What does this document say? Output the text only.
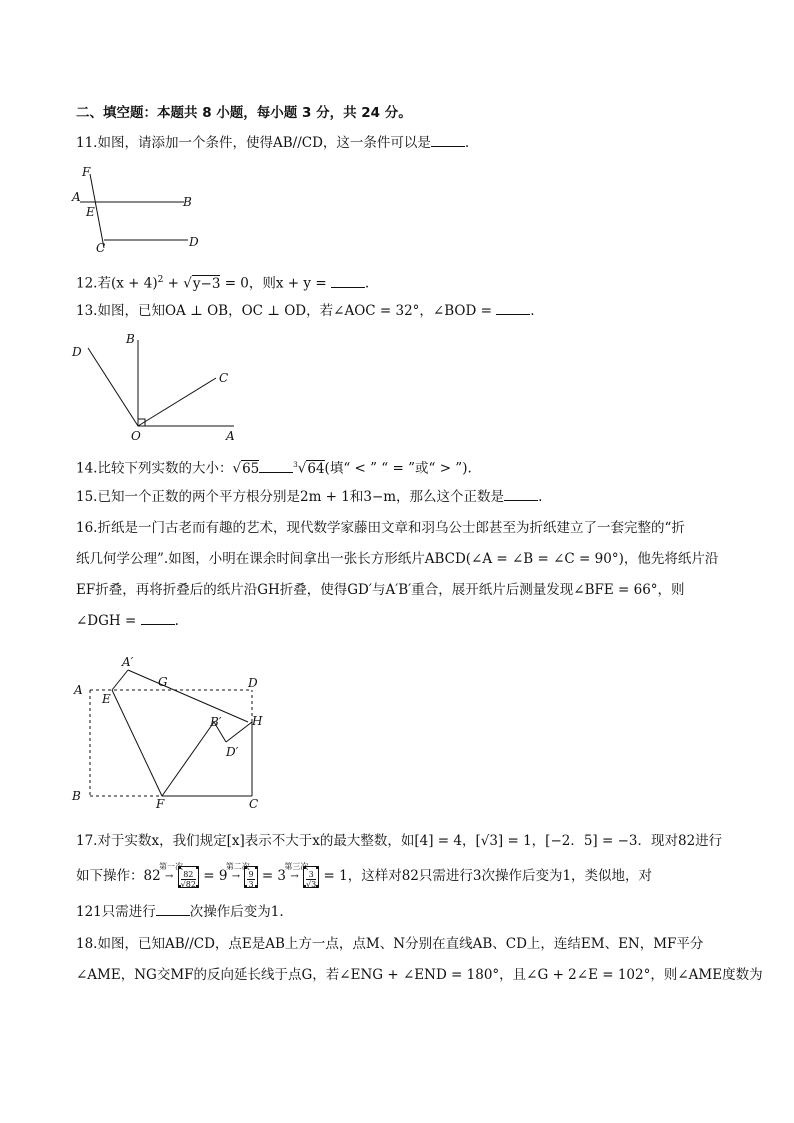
二、填空题：本题共 8 小题，每小题 3 分，共 24 分。
11.如图，请添加一个条件，使得AB//CD，这一条件可以是	.
F
A
E
B
C	D
12.若$(x + 4)^2 + √y-3 = 0$，则x + y =	.
13.如图，已知OA ⊥ OB，OC ⊥ OD，若∠AOC = 32°，∠BOD =	.
B
D
C
O	A
14.比较下列实数的大小：√65	$^3$√64(填“ < ” “ = ”或“ > ”).
15.已知一个正数的两个平方根分别是2m + 1和3−m，那么这个正数是	.
16.折纸是一门古老而有趣的艺术，现代数学家藤田文章和羽乌公士郎甚至为折纸建立了一套完整的“折
纸几何学公理”.如图，小明在课余时间拿出一张长方形纸片ABCD(∠A = ∠B = ∠C = 90°)，他先将纸片沿
EF折叠，再将折叠后的纸片沿GH折叠，使得GD′与A′B′重合，展开纸片后测量发现∠BFE = 66°，则
∠DGH =	.
A′
A
E
G	D
B′	H
D′
B
F	C
17.对于实数x，我们规定[x]表示不大于x的最大整数，如[4] = 4，[√3] = 1，[−2．5] = −3．现对82进行
如下操作：82
第一次
→ $\frac{82}{√82} = 9$
第二次
→ $\frac{9}{3} = 3$
第三次
→ $\frac{3}{√3} = 1$，这样对82只需进行3次操作后变为1，类似地，对
121只需进行	次操作后变为1.
18.如图，已知AB//CD，点E是AB上方一点，点M、N分别在直线AB、CD上，连结EM、EN，MF平分
∠AME，NG交MF的反向延长线于点G，若∠ENG + ∠END = 180°，且∠G + 2∠E = 102°，则∠AME度数为
